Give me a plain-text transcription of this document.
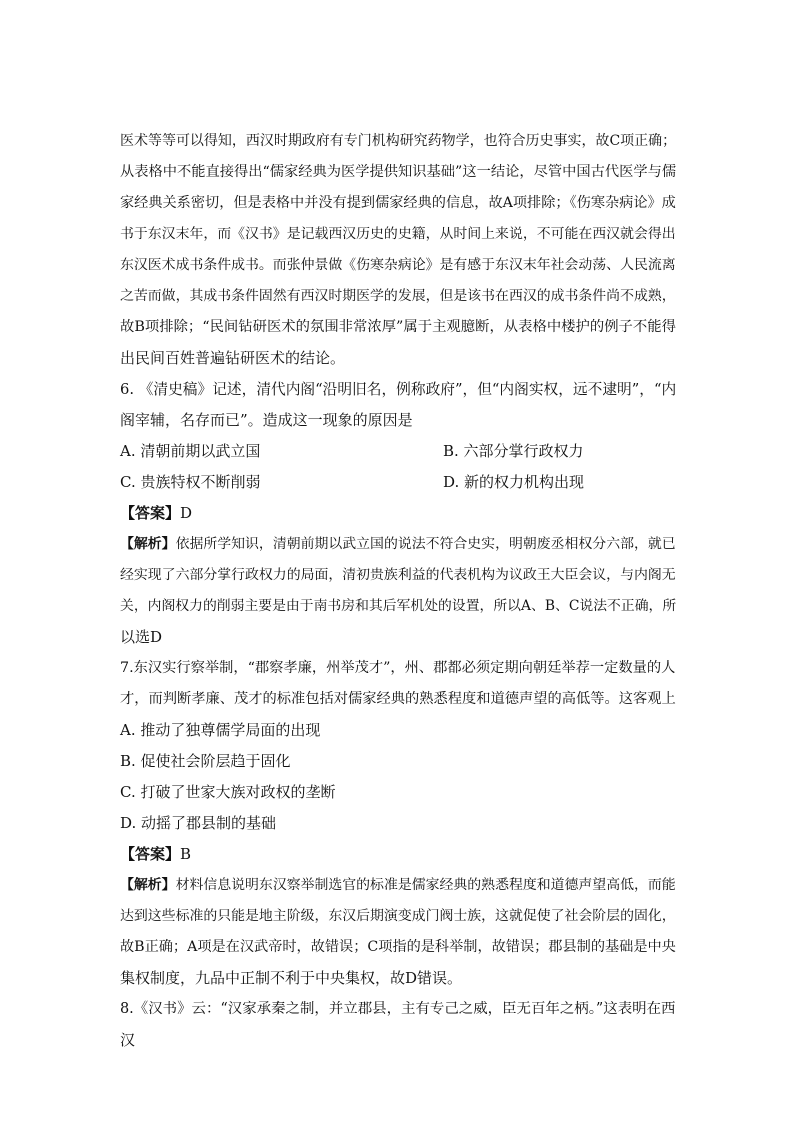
医术等等可以得知，西汉时期政府有专门机构研究药物学，也符合历史事实，故C项正确；
从表格中不能直接得出“儒家经典为医学提供知识基础”这一结论，尽管中国古代医学与儒
家经典关系密切，但是表格中并没有提到儒家经典的信息，故A项排除；《伤寒杂病论》成
书于东汉末年，而《汉书》是记载西汉历史的史籍，从时间上来说，不可能在西汉就会得出
东汉医术成书条件成书。而张仲景做《伤寒杂病论》是有感于东汉末年社会动荡、人民流离
之苦而做，其成书条件固然有西汉时期医学的发展，但是该书在西汉的成书条件尚不成熟，
故B项排除；“民间钻研医术的氛围非常浓厚”属于主观臆断，从表格中楼护的例子不能得
出民间百姓普遍钻研医术的结论。
6. 《清史稿》记述，清代内阁“沿明旧名，例称政府”，但“内阁实权，远不逮明”，“内
阁宰辅，名存而已”。造成这一现象的原因是
A. 清朝前期以武立国	B. 六部分掌行政权力
C. 贵族特权不断削弱	D. 新的权力机构出现
【答案】D
【解析】依据所学知识，清朝前期以武立国的说法不符合史实，明朝废丞相权分六部，就已
经实现了六部分掌行政权力的局面，清初贵族利益的代表机构为议政王大臣会议，与内阁无
关，内阁权力的削弱主要是由于南书房和其后军机处的设置，所以A、B、C说法不正确，所
以选D
7.东汉实行察举制，“郡察孝廉，州举茂才”，州、郡都必须定期向朝廷举荐一定数量的人
才，而判断孝廉、茂才的标准包括对儒家经典的熟悉程度和道德声望的高低等。这客观上
A. 推动了独尊儒学局面的出现
B. 促使社会阶层趋于固化
C. 打破了世家大族对政权的垄断
D. 动摇了郡县制的基础
【答案】B
【解析】材料信息说明东汉察举制选官的标准是儒家经典的熟悉程度和道德声望高低，而能
达到这些标准的只能是地主阶级，东汉后期演变成门阀士族，这就促使了社会阶层的固化，
故B正确；A项是在汉武帝时，故错误；C项指的是科举制，故错误；郡县制的基础是中央
集权制度，九品中正制不利于中央集权，故D错误。
8.《汉书》云：“汉家承秦之制，并立郡县，主有专己之威，臣无百年之柄。”这表明在西
汉
